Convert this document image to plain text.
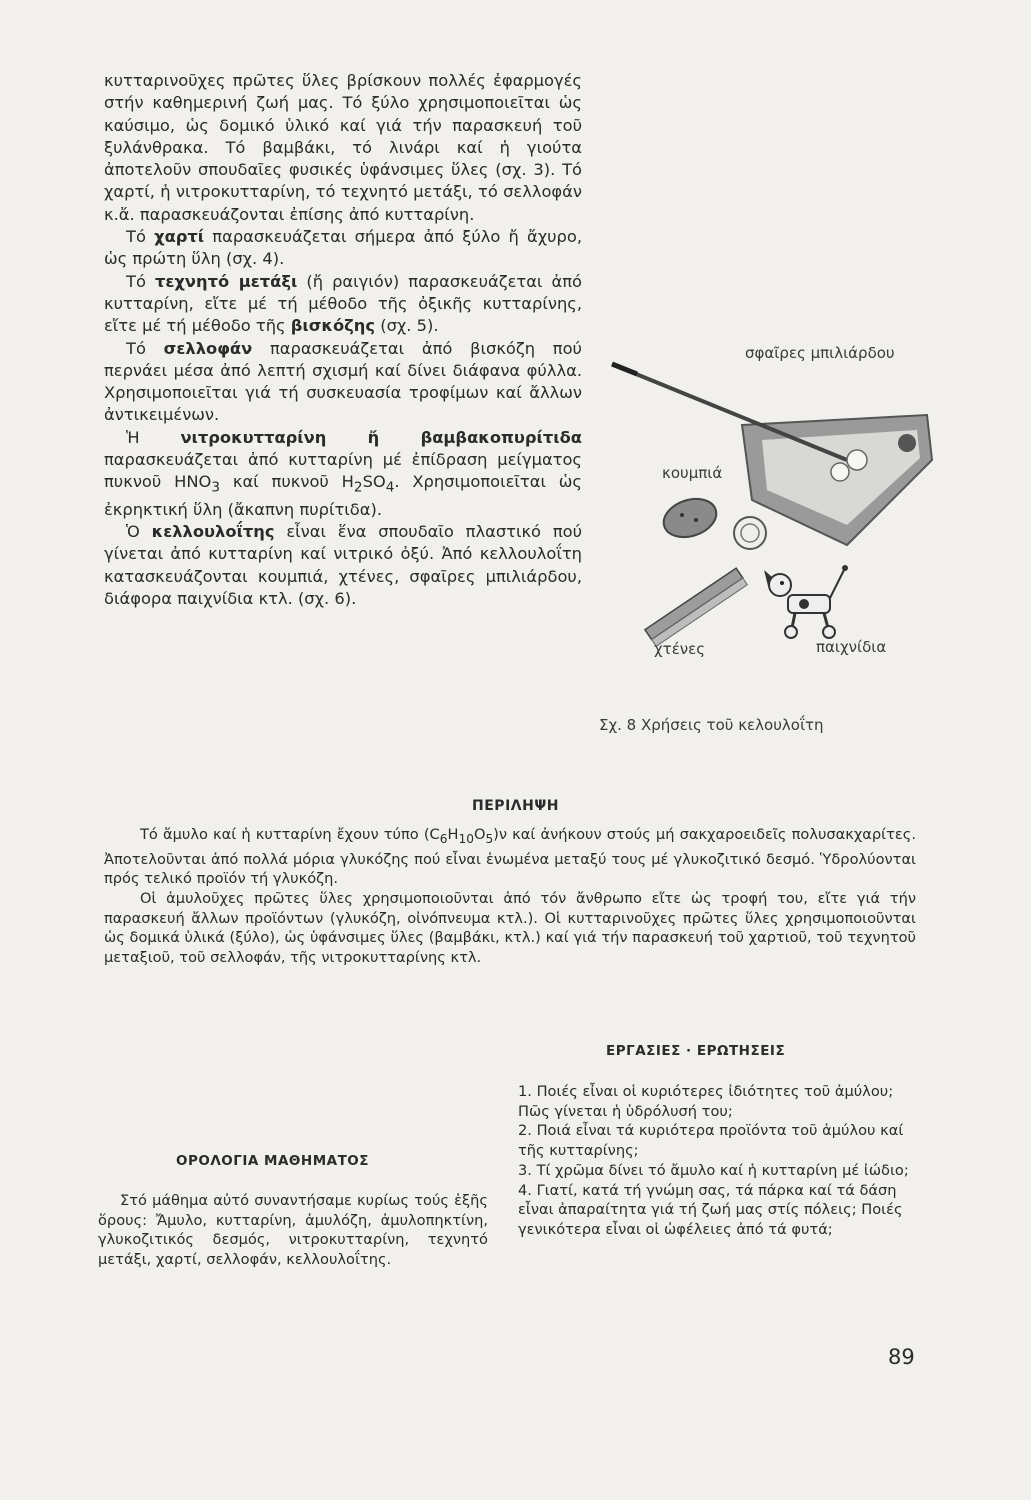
κυτταρινοῦχες πρῶτες ὕλες βρίσκουν πολλές ἐφαρμογές στήν καθημερινή ζωή μας. Τό ξύλο χρησιμοποιεῖται ὡς καύσιμο, ὡς δομικό ὑλικό καί γιά τήν παρασκευή τοῦ ξυλάνθρακα. Τό βαμβάκι, τό λινάρι καί ἡ γιούτα ἀποτελοῦν σπουδαῖες φυσικές ὑφάνσιμες ὕλες (σχ. 3). Τό χαρτί, ἡ νιτροκυτταρίνη, τό τεχνητό μετάξι, τό σελλοφάν κ.ἄ. παρασκευάζονται ἐπίσης ἀπό κυτταρίνη.

Τό χαρτί παρασκευάζεται σήμερα ἀπό ξύλο ἤ ἄχυρο, ὡς πρώτη ὕλη (σχ. 4).

Τό τεχνητό μετάξι (ἤ ραιγιόν) παρασκευάζεται ἀπό κυτταρίνη, εἴτε μέ τή μέθοδο τῆς ὀξικῆς κυτταρίνης, εἴτε μέ τή μέθοδο τῆς βισκόζης (σχ. 5).

Τό σελλοφάν παρασκευάζεται ἀπό βισκόζη πού περνάει μέσα ἀπό λεπτή σχισμή καί δίνει διάφανα φύλλα. Χρησιμοποιεῖται γιά τή συσκευασία τροφίμων καί ἄλλων ἀντικειμένων.

Ἡ νιτροκυτταρίνη ἤ βαμβακοπυρίτιδα παρασκευάζεται ἀπό κυτταρίνη μέ ἐπίδραση μείγματος πυκνοῦ $HNO_3$ καί πυκνοῦ $H_2SO_4$. Χρησιμοποιεῖται ὡς ἐκρηκτική ὕλη (ἄκαπνη πυρίτιδα).

Ὁ κελλουλοΐτης εἶναι ἕνα σπουδαῖο πλαστικό πού γίνεται ἀπό κυτταρίνη καί νιτρικό ὀξύ. Ἀπό κελλουλοΐτη κατασκευάζονται κουμπιά, χτένες, σφαῖρες μπιλιάρδου, διάφορα παιχνίδια κτλ. (σχ. 6).

σφαῖρες μπιλιάρδου
κουμπιά
χτένες	παιχνίδια
Σχ. 8 Χρήσεις τοῦ κελουλοΐτη
ΠΕΡΙΛΗΨΗ

Τό ἄμυλο καί ἡ κυτταρίνη ἔχουν τύπο $(C_6H_{10}O_5)\nu$ καί ἀνήκουν στούς μή σακχαροειδεῖς πολυσακχαρίτες. Ἀποτελοῦνται ἀπό πολλά μόρια γλυκόζης πού εἶναι ἑνωμένα μεταξύ τους μέ γλυκοζιτικό δεσμό. Ὑδρολύονται πρός τελικό προϊόν τή γλυκόζη.

Οἱ ἀμυλοῦχες πρῶτες ὕλες χρησιμοποιοῦνται ἀπό τόν ἄνθρωπο εἴτε ὡς τροφή του, εἴτε γιά τήν παρασκευή ἄλλων προϊόντων (γλυκόζη, οἰνόπνευμα κτλ.). Οἱ κυτταρινοῦχες πρῶτες ὕλες χρησιμοποιοῦνται ὡς δομικά ὑλικά (ξύλο), ὡς ὑφάνσιμες ὕλες (βαμβάκι, κτλ.) καί γιά τήν παρασκευή τοῦ χαρτιοῦ, τοῦ τεχνητοῦ μεταξιοῦ, τοῦ σελλοφάν, τῆς νιτροκυτταρίνης κτλ.

ΕΡΓΑΣΙΕΣ · ΕΡΩΤΗΣΕΙΣ

1. Ποιές εἶναι οἱ κυριότερες ἰδιότητες τοῦ ἀμύλου; Πῶς γίνεται ἡ ὑδρόλυσή του;

2. Ποιά εἶναι τά κυριότερα προϊόντα τοῦ ἀμύλου καί τῆς κυτταρίνης;

3. Τί χρῶμα δίνει τό ἄμυλο καί ἡ κυτταρίνη μέ ἰώδιο;

4. Γιατί, κατά τή γνώμη σας, τά πάρκα καί τά δάση εἶναι ἀπαραίτητα γιά τή ζωή μας στίς πόλεις; Ποιές γενικότερα εἶναι οἱ ὠφέλειες ἀπό τά φυτά;

ΟΡΟΛΟΓΙΑ ΜΑΘΗΜΑΤΟΣ

Στό μάθημα αὐτό συναντήσαμε κυρίως τούς ἑξῆς ὅρους: Ἄμυλο, κυτταρίνη, ἀμυλόζη, ἀμυλοπηκτίνη, γλυκοζιτικός δεσμός, νιτροκυτταρίνη, τεχνητό μετάξι, χαρτί, σελλοφάν, κελλουλοΐτης.

89
